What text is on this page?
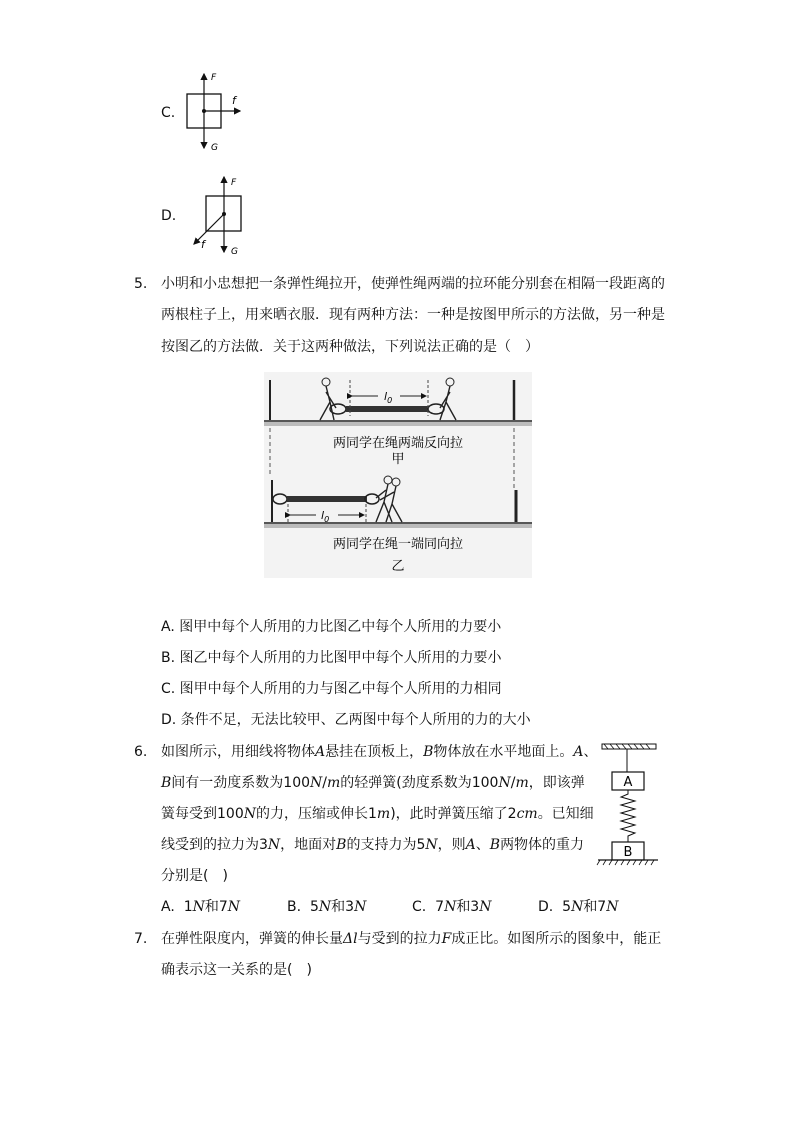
C.
F
f
G
D.
F
f
G
5. 小明和小忠想把一条弹性绳拉开，使弹性绳两端的拉环能分别套在相隔一段距离的
两根柱子上，用来晒衣服．现有两种方法：一种是按图甲所示的方法做，另一种是
按图乙的方法做．关于这两种做法，下列说法正确的是（　）
$l_0$
两同学在绳两端反向拉
甲
$l_0$
两同学在绳一端同向拉
乙
A. 图甲中每个人所用的力比图乙中每个人所用的力要小
B. 图乙中每个人所用的力比图甲中每个人所用的力要小
C. 图甲中每个人所用的力与图乙中每个人所用的力相同
D. 条件不足，无法比较甲、乙两图中每个人所用的力的大小
6. 如图所示，用细线将物体A悬挂在顶板上，B物体放在水平地面上。A、
B间有一劲度系数为100N/m的轻弹簧(劲度系数为100N/m，即该弹
簧每受到100N的力，压缩或伸长1m)，此时弹簧压缩了2cm。已知细
线受到的拉力为3N，地面对B的支持力为5N，则A、B两物体的重力
分别是(　)
A
B
A. 1N和7N	B. 5N和3N	C. 7N和3N	D. 5N和7N
7. 在弹性限度内，弹簧的伸长量Δl与受到的拉力F成正比。如图所示的图象中，能正
确表示这一关系的是(　)
